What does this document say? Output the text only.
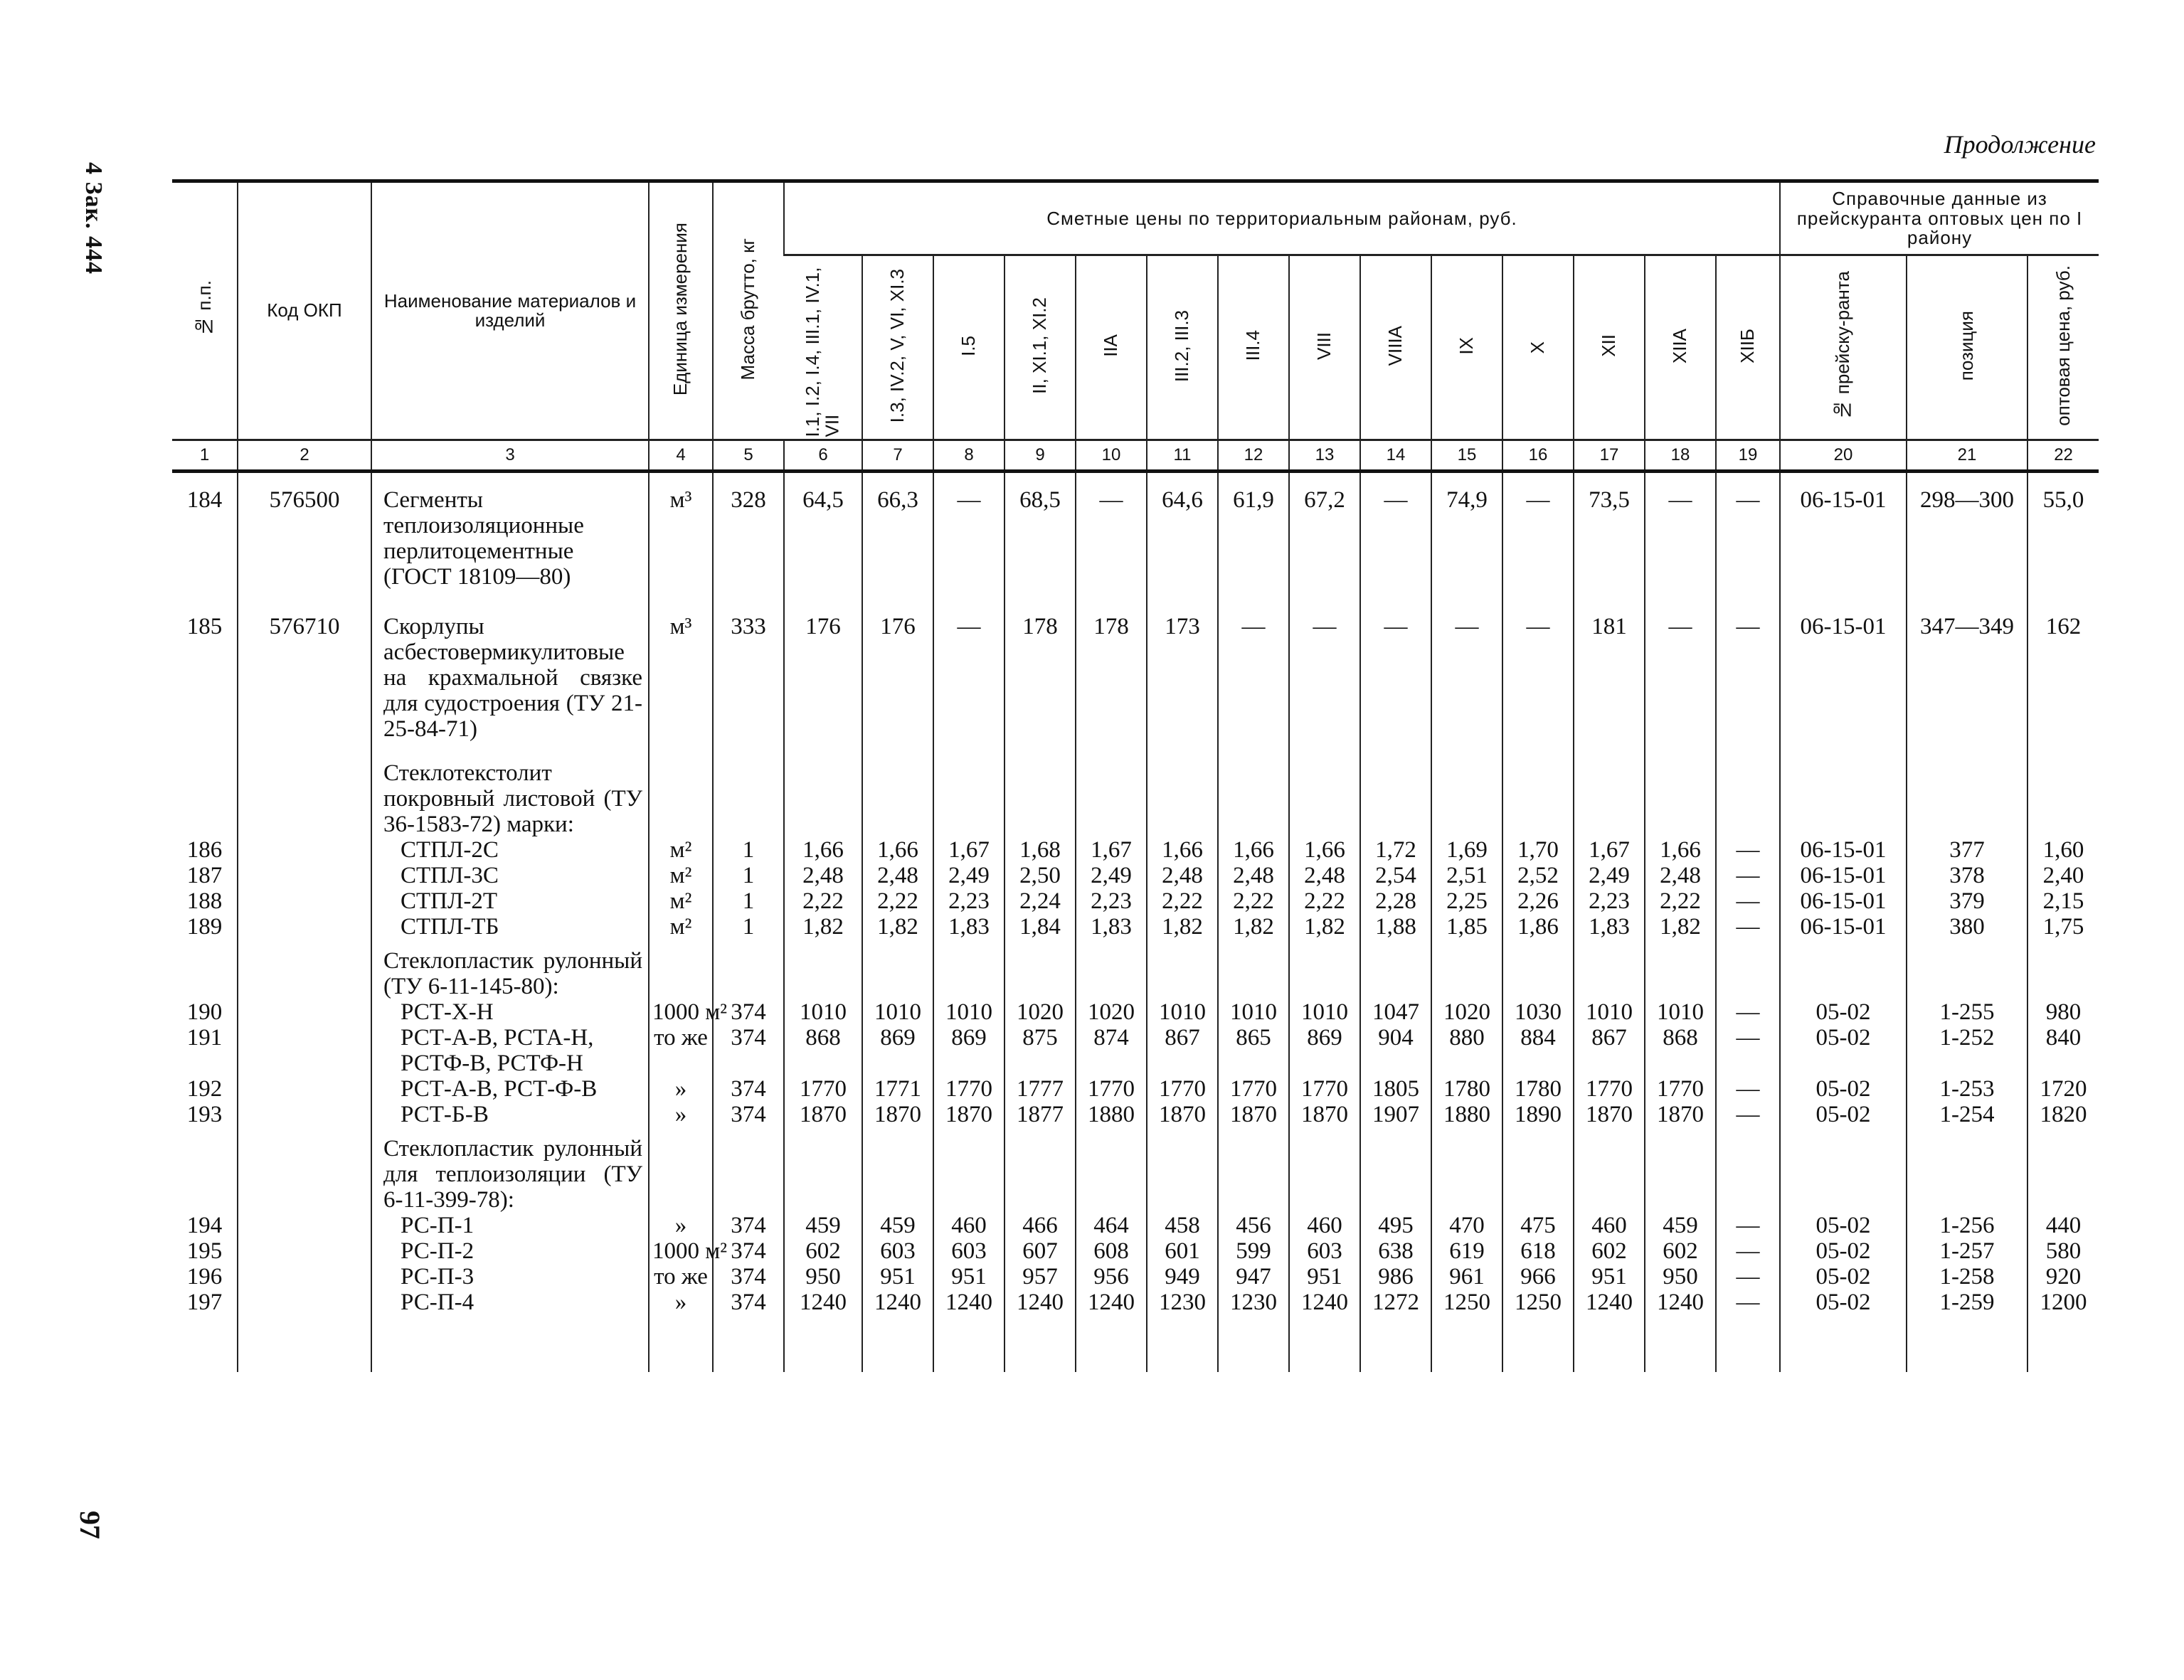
Продолжение
4 Зак. 444
97
№ п.п.	Код ОКП	Наименование материалов и изделий	Единица измерения	Масса брутто, кг	Сметные цены по территориальным районам, руб.														Справочные данные из прейскуранта оптовых цен по I району		
					I.1, I.2, I.4, III.1, IV.1, VII	I.3, IV.2, V, VI, XI.3	I.5	II, XI.1, XI.2	IIA	III.2, III.3	III.4	VIII	VIIIA	IX	X	XII	XIIA	XIIБ	№ прейску-ранта	позиция	оптовая цена, руб.
1	2	3	4	5	6	7	8	9	10	11	12	13	14	15	16	17	18	19	20	21	22
184	576500	Сегменты теплоизоляционные перлитоцементные (ГОСТ 18109—80)	м³	328	64,5	66,3	—	68,5	—	64,6	61,9	67,2	—	74,9	—	73,5	—	—	06-15-01	298—300	55,0
185	576710	Скорлупы асбестовермикулитовые на крахмальной связке для судостроения (ТУ 21-25-84-71)	м³	333	176	176	—	178	178	173	—	—	—	—	—	181	—	—	06-15-01	347—349	162
		Стеклотекстолит покровный листовой (ТУ 36-1583-72) марки:																			
186		СТПЛ-2С	м²	1	1,66	1,66	1,67	1,68	1,67	1,66	1,66	1,66	1,72	1,69	1,70	1,67	1,66	—	06-15-01	377	1,60
187		СТПЛ-3С	м²	1	2,48	2,48	2,49	2,50	2,49	2,48	2,48	2,48	2,54	2,51	2,52	2,49	2,48	—	06-15-01	378	2,40
188		СТПЛ-2Т	м²	1	2,22	2,22	2,23	2,24	2,23	2,22	2,22	2,22	2,28	2,25	2,26	2,23	2,22	—	06-15-01	379	2,15
189		СТПЛ-ТБ	м²	1	1,82	1,82	1,83	1,84	1,83	1,82	1,82	1,82	1,88	1,85	1,86	1,83	1,82	—	06-15-01	380	1,75
		Стеклопластик рулонный (ТУ 6-11-145-80):																			
190		РСТ-Х-Н	1000 м²	374	1010	1010	1010	1020	1020	1010	1010	1010	1047	1020	1030	1010	1010	—	05-02	1-255	980
191		РСТ-А-В, РСТА-Н, РСТФ-В, РСТФ-Н	то же	374	868	869	869	875	874	867	865	869	904	880	884	867	868	—	05-02	1-252	840
192		РСТ-А-В, РСТ-Ф-В	»	374	1770	1771	1770	1777	1770	1770	1770	1770	1805	1780	1780	1770	1770	—	05-02	1-253	1720
193		РСТ-Б-В	»	374	1870	1870	1870	1877	1880	1870	1870	1870	1907	1880	1890	1870	1870	—	05-02	1-254	1820
		Стеклопластик рулонный для теплоизоляции (ТУ 6-11-399-78):																			
194		РС-П-1	»	374	459	459	460	466	464	458	456	460	495	470	475	460	459	—	05-02	1-256	440
195		РС-П-2	1000 м²	374	602	603	603	607	608	601	599	603	638	619	618	602	602	—	05-02	1-257	580
196		РС-П-3	то же	374	950	951	951	957	956	949	947	951	986	961	966	951	950	—	05-02	1-258	920
197		РС-П-4	»	374	1240	1240	1240	1240	1240	1230	1230	1240	1272	1250	1250	1240	1240	—	05-02	1-259	1200
